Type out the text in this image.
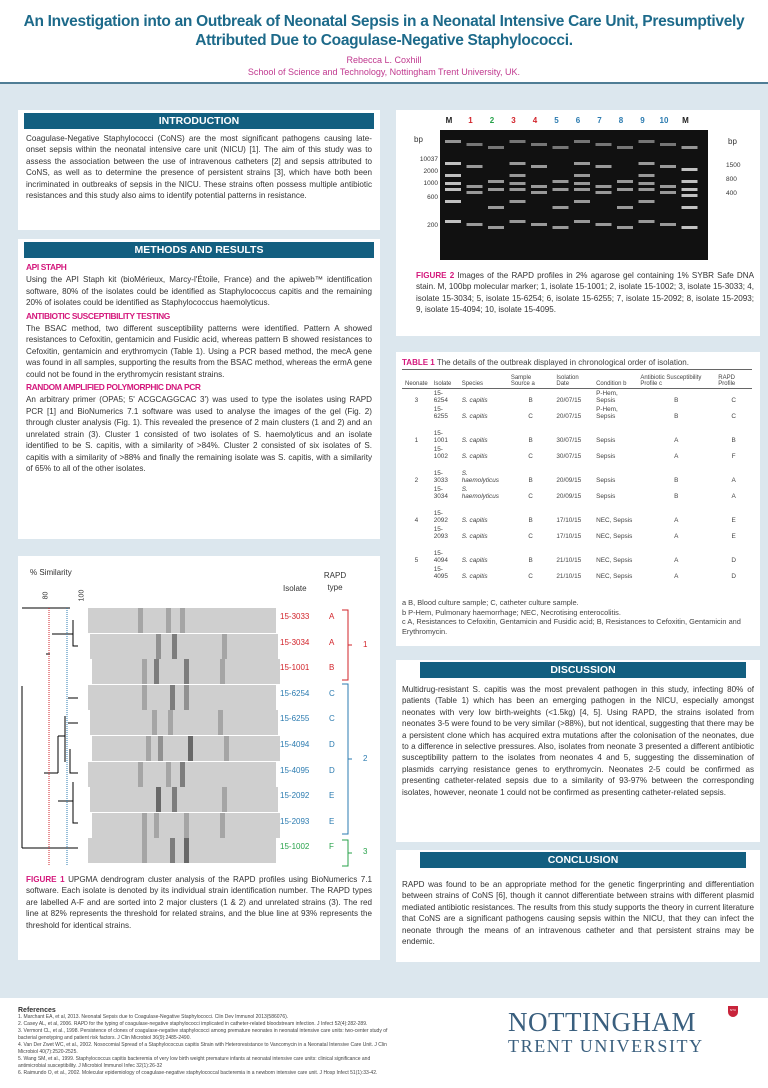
An Investigation into an Outbreak of Neonatal Sepsis in a Neonatal Intensive Care Unit, Presumptively Attributed Due to Coagulase-Negative Staphylococci.
Rebecca L. Coxhill
School of Science and Technology, Nottingham Trent University, UK.
INTRODUCTION
Coagulase-Negative Staphylococci (CoNS) are the most significant pathogens causing late-onset sepsis within the neonatal intensive care unit (NICU) [1]. The aim of this study was to assess the association between the use of intravenous catheters [2] and sepsis attributed to CoNS, as well as to determine the presence of persistent strains [3], which have both been incriminated in outbreaks of sepsis in the NICU. These strains often possess multiple antibiotic resistances and this study also aims to identify potential patterns in resistance.
METHODS AND RESULTS
API STAPH
Using the API Staph kit (bioMérieux, Marcy-l'Étoile, France) and the apiweb™ identification software, 80% of the isolates could be identified as Staphylococcus capitis and the remaining 20% of isolates could be identified as Staphylococcus haemolyticus.
ANTIBIOTIC SUSCEPTIBILITY TESTING
The BSAC method, two different susceptibility patterns were identified. Pattern A showed resistances to Cefoxitin, gentamicin and Fusidic acid, whereas pattern B showed resistances to Cefoxitin, gentamicin and erythromycin (Table 1). Using a PCR based method, the mecA gene was found in all samples, supporting the results from the BSAC method, whereas the ermA gene could not be found in the erythromycin resistant strains.
RANDOM AMPLIFIED POLYMORPHIC DNA PCR
An arbitrary primer (OPA5; 5' ACGCAGGCAC 3') was used to type the isolates using RAPD PCR [1] and BioNumerics 7.1 software was used to analyse the images of the gel (Fig. 2) through cluster analysis (Fig. 1). This revealed the presence of 2 main clusters (1 and 2) and an unrelated strain (3). Cluster 1 consisted of two isolates of S. haemolyticus and an isolate identified to be S. capitis, with a similarity of >84%. Cluster 2 consisted of six isolates of S. capitis with a similarity of >88% and finally the remaining isolate was S. capitis, with a similarity of 65% to all of the other isolates.
% Similarity
80	100
Isolate
RAPD type
15-3033 A
15-3034 A
15-1001 B
15-6254 C
15-6255 C
15-4094 D
15-4095 D
15-2092 E
15-2093 E
15-1002 F
1
2
3
FIGURE 1 UPGMA dendrogram cluster analysis of the RAPD profiles using BioNumerics 7.1 software. Each isolate is denoted by its individual strain identification number. The RAPD types are labelled A-F and are sorted into 2 major clusters (1 & 2) and unrelated strains (3). The red line at 82% represents the threshold for related strains, and the blue line at 93% represents the threshold for identical strains.
M	1	2	3	4	5	6	7	8	9	10	M
bp	bp
10037
2000
1000
600
200
1500
800
400
FIGURE 2 Images of the RAPD profiles in 2% agarose gel containing 1% SYBR Safe DNA stain. M, 100bp molecular marker; 1, isolate 15-1001; 2, isolate 15-1002; 3, isolate 15-3033; 4, isolate 15-3034; 5, isolate 15-6254; 6, isolate 15-6255; 7, isolate 15-2092; 8, isolate 15-2093; 9, isolate 15-4094; 10, isolate 15-4095.
TABLE 1 The details of the outbreak displayed in chronological order of isolation.
Neonate	Isolate	Species	Sample Source a	Isolation Date	Condition b	Antibiotic Susceptibility Profile c	RAPD Profile
3	15-6254	S. capitis	B	20/07/15	P-Hem, Sepsis	B	C
	15-6255	S. capitis	C	20/07/15	P-Hem, Sepsis	B	C
1	15-1001	S. capitis	B	30/07/15	Sepsis	A	B
	15-1002	S. capitis	C	30/07/15	Sepsis	A	F
2	15-3033	S. haemolyticus	B	20/09/15	Sepsis	B	A
	15-3034	S. haemolyticus	C	20/09/15	Sepsis	B	A
4	15-2092	S. capitis	B	17/10/15	NEC, Sepsis	A	E
	15-2093	S. capitis	C	17/10/15	NEC, Sepsis	A	E
5	15-4094	S. capitis	B	21/10/15	NEC, Sepsis	A	D
	15-4095	S. capitis	C	21/10/15	NEC, Sepsis	A	D
a B, Blood culture sample; C, catheter culture sample.
b P-Hem, Pulmonary haemorrhage; NEC, Necrotising enterocolitis.
c A, Resistances to Cefoxitin, Gentamicin and Fusidic acid; B, Resistances to Cefoxitin, Gentamicin and Erythromycin.
DISCUSSION
Multidrug-resistant S. capitis was the most prevalent pathogen in this study, infecting 80% of patients (Table 1) which has been an emerging pathogen in the NICU, especially amongst neonates with very low birth-weights (<1.5kg) [4, 5]. Using RAPD, the strains isolated from neonates 3-5 were found to be very similar (>88%), but not identical, suggesting that there may be a persistent clone which has acquired extra mutations after the colonisation of the neonates, due to a difference in selective pressures. Also, isolates from neonate 3 presented a different antibiotic susceptibility pattern to the isolates from neonates 4 and 5, suggesting the dissemination of plasmids carrying resistance genes to erythromycin. Neonates 2-5 could be confirmed as presenting catheter-related sepsis due to a similarity of 93-97% between the corresponding isolates, however, neonate 1 could not be confirmed as presenting catheter-related sepsis.
CONCLUSION
RAPD was found to be an appropriate method for the genetic fingerprinting and differentiation between strains of CoNS [6], though it cannot differentiate between strains with different plasmid mediated antibiotic resistances. The results from this study supports the theory in current literature that CoNS are a significant pathogens causing sepsis within the NICU, that they can infect the neonate through the means of an intravenous catheter and that persistent strains may be endemic.
References
1. Marchant EA, et al, 2013. Neonatal Sepsis due to Coagulase-Negative Staphylococci. Clin Dev Immunol 2013(586076).
2. Casey AL, et al, 2006. RAPD for the typing of coagulase-negative staphylococci implicated in catheter-related bloodstream infection. J Infect 52(4):282-289.
3. Vermont CL, et al., 1998. Persistence of clones of coagulase-negative staphylococci among premature neonates in neonatal intensive care units: two-center study of bacterial genotyping and patient risk factors. J Clin Microbiol 36(9):2485-2490.
4. Van Der Zwet WC, et al., 2002. Nosocomial Spread of a Staphylococcus capitis Strain with Heteroresistance to Vancomycin in a Neonatal Intensive Care Unit. J Clin Microbiol 40(7):2520-2525.
5. Wang SM, et al., 1999. Staphylococcus capitis bacteremia of very low birth weight premature infants at neonatal intensive care units: clinical significance and antimicrobial susceptibility. J Microbiol Immunol Infec 32(1):26-32
6. Raimundo O, et al., 2002. Molecular epidemiology of coagulase-negative staphylococcal bacteremia in a newborn intensive care unit. J Hosp Infect 51(1):33-42.
NOTTINGHAM
TRENT UNIVERSITY
NTU
